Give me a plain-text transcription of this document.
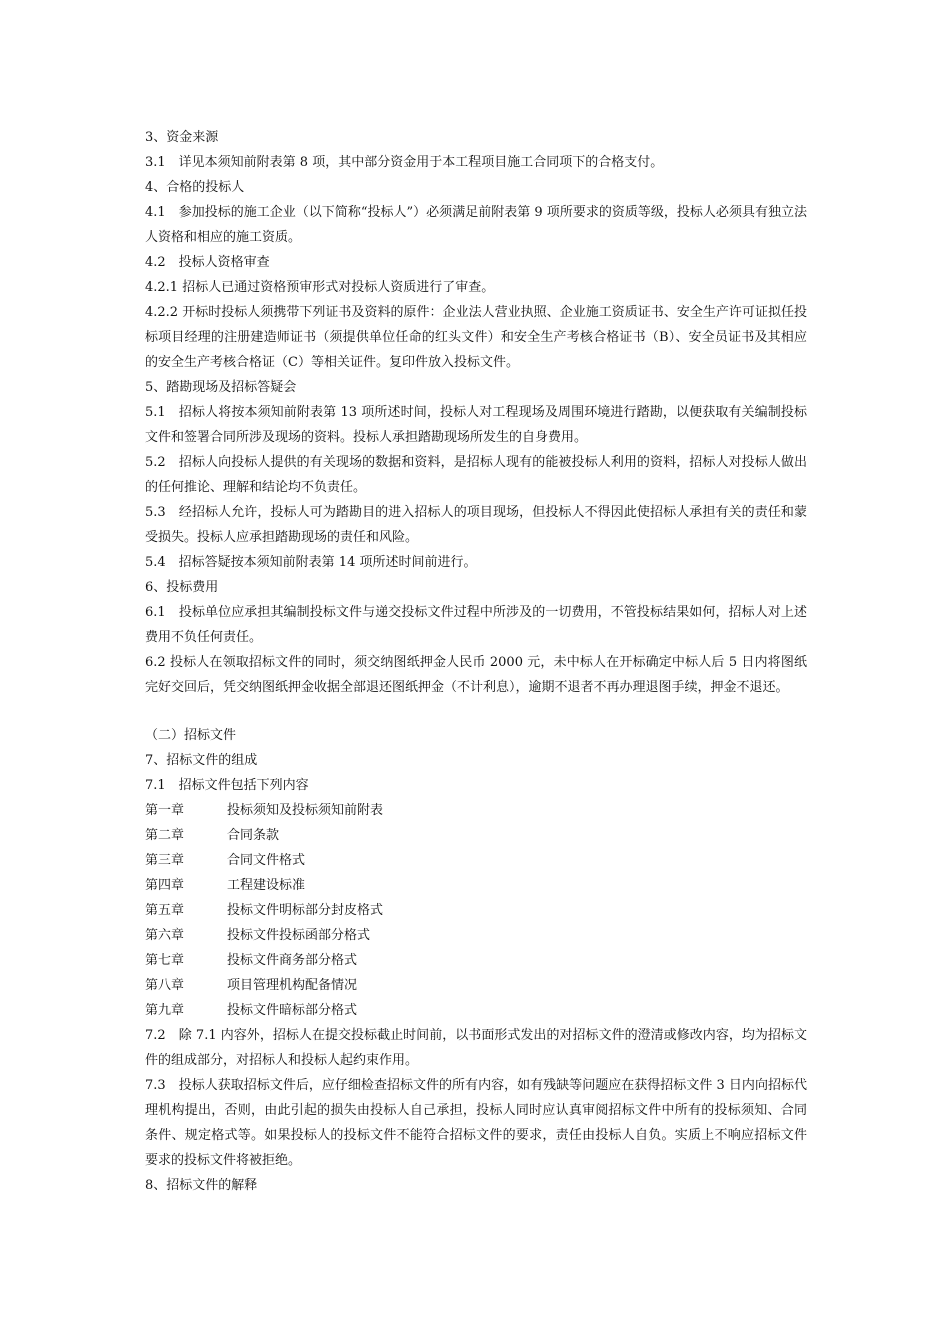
3、资金来源

3.1　详见本须知前附表第 8 项，其中部分资金用于本工程项目施工合同项下的合格支付。

4、合格的投标人

4.1　参加投标的施工企业（以下简称“投标人”）必须满足前附表第 9 项所要求的资质等级，投标人必须具有独立法人资格和相应的施工资质。

4.2　投标人资格审查

4.2.1 招标人已通过资格预审形式对投标人资质进行了审查。

4.2.2 开标时投标人须携带下列证书及资料的原件：企业法人营业执照、企业施工资质证书、安全生产许可证拟任投标项目经理的注册建造师证书（须提供单位任命的红头文件）和安全生产考核合格证书（B）、安全员证书及其相应的安全生产考核合格证（C）等相关证件。复印件放入投标文件。

5、踏勘现场及招标答疑会

5.1　招标人将按本须知前附表第 13 项所述时间，投标人对工程现场及周围环境进行踏勘，以便获取有关编制投标文件和签署合同所涉及现场的资料。投标人承担踏勘现场所发生的自身费用。

5.2　招标人向投标人提供的有关现场的数据和资料，是招标人现有的能被投标人利用的资料，招标人对投标人做出的任何推论、理解和结论均不负责任。

5.3　经招标人允许，投标人可为踏勘目的进入招标人的项目现场，但投标人不得因此使招标人承担有关的责任和蒙受损失。投标人应承担踏勘现场的责任和风险。

5.4　招标答疑按本须知前附表第 14 项所述时间前进行。

6、投标费用

6.1　投标单位应承担其编制投标文件与递交投标文件过程中所涉及的一切费用，不管投标结果如何，招标人对上述费用不负任何责任。

6.2 投标人在领取招标文件的同时，须交纳图纸押金人民币 2000 元，未中标人在开标确定中标人后 5 日内将图纸完好交回后，凭交纳图纸押金收据全部退还图纸押金（不计利息），逾期不退者不再办理退图手续，押金不退还。

（二）招标文件

7、招标文件的组成

7.1　招标文件包括下列内容

第一章	投标须知及投标须知前附表
第二章	合同条款
第三章	合同文件格式
第四章	工程建设标准
第五章	投标文件明标部分封皮格式
第六章	投标文件投标函部分格式
第七章	投标文件商务部分格式
第八章	项目管理机构配备情况
第九章	投标文件暗标部分格式

7.2　除 7.1 内容外，招标人在提交投标截止时间前，以书面形式发出的对招标文件的澄清或修改内容，均为招标文件的组成部分，对招标人和投标人起约束作用。

7.3　投标人获取招标文件后，应仔细检查招标文件的所有内容，如有残缺等问题应在获得招标文件 3 日内向招标代理机构提出，否则，由此引起的损失由投标人自己承担，投标人同时应认真审阅招标文件中所有的投标须知、合同条件、规定格式等。如果投标人的投标文件不能符合招标文件的要求，责任由投标人自负。实质上不响应招标文件要求的投标文件将被拒绝。

8、招标文件的解释
